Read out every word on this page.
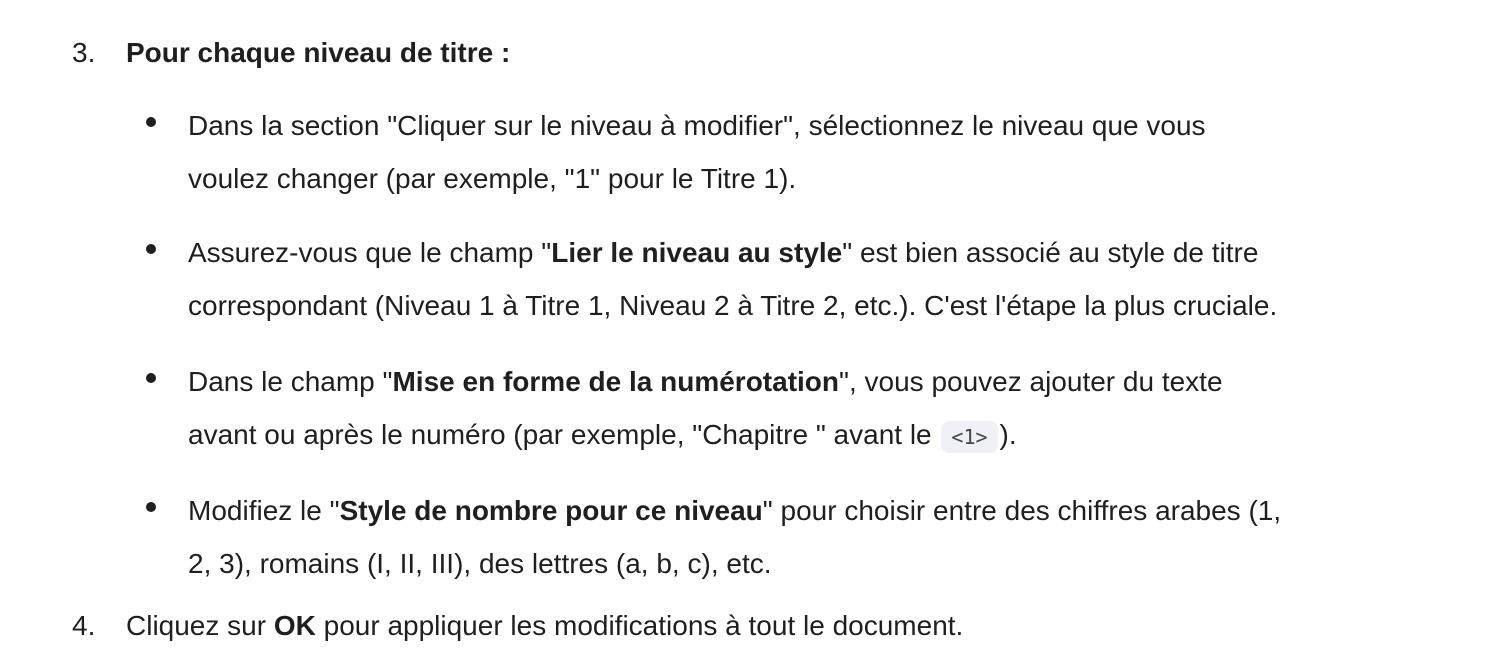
3.	Pour chaque niveau de titre :
Dans la section "Cliquer sur le niveau à modifier", sélectionnez le niveau que vous
voulez changer (par exemple, "1" pour le Titre 1).
Assurez-vous que le champ "Lier le niveau au style" est bien associé au style de titre
correspondant (Niveau 1 à Titre 1, Niveau 2 à Titre 2, etc.). C'est l'étape la plus cruciale.
Dans le champ "Mise en forme de la numérotation", vous pouvez ajouter du texte
avant ou après le numéro (par exemple, "Chapitre " avant le <1> ).
Modifiez le "Style de nombre pour ce niveau" pour choisir entre des chiffres arabes (1,
2, 3), romains (I, II, III), des lettres (a, b, c), etc.
4.	Cliquez sur OK pour appliquer les modifications à tout le document.
